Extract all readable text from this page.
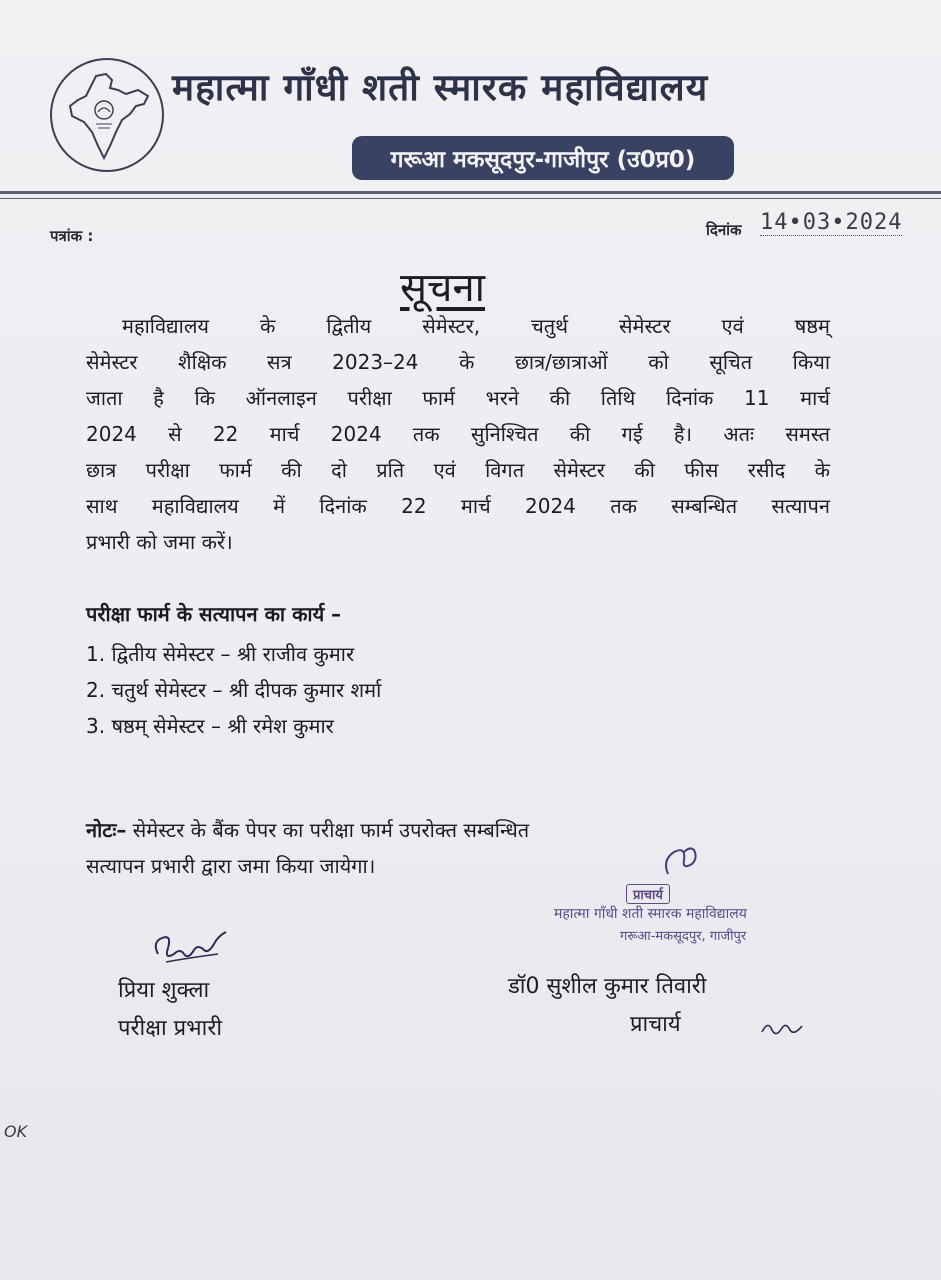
महात्मा गाँधी शती स्मारक महाविद्यालय
गरूआ मकसूदपुर-गाजीपुर (उ0प्र0)
पत्रांक :	दिनांक 14•03•2024
सूचना
महाविद्यालय के द्वितीय सेमेस्टर, चतुर्थ सेमेस्टर एवं षष्ठम्
सेमेस्टर शैक्षिक सत्र 2023–24 के छात्र/छात्राओं को सूचित किया
जाता है कि ऑनलाइन परीक्षा फार्म भरने की तिथि दिनांक 11 मार्च
2024 से 22 मार्च 2024 तक सुनिश्चित की गई है। अतः समस्त
छात्र परीक्षा फार्म की दो प्रति एवं विगत सेमेस्टर की फीस रसीद के
साथ महाविद्यालय में दिनांक 22 मार्च 2024 तक सम्बन्धित सत्यापन
प्रभारी को जमा करें।
परीक्षा फार्म के सत्यापन का कार्य –
1. द्वितीय सेमेस्टर – श्री राजीव कुमार
2. चतुर्थ सेमेस्टर – श्री दीपक कुमार शर्मा
3. षष्ठम् सेमेस्टर – श्री रमेश कुमार
नोटः– सेमेस्टर के बैंक पेपर का परीक्षा फार्म उपरोक्त सम्बन्धित
सत्यापन प्रभारी द्वारा जमा किया जायेगा।
प्राचार्य
महात्मा गाँधी शती स्मारक महाविद्यालय
गरूआ-मकसूदपुर, गाजीपुर
प्रिया शुक्ला
परीक्षा प्रभारी
डॉ0 सुशील कुमार तिवारी
प्राचार्य
OK
